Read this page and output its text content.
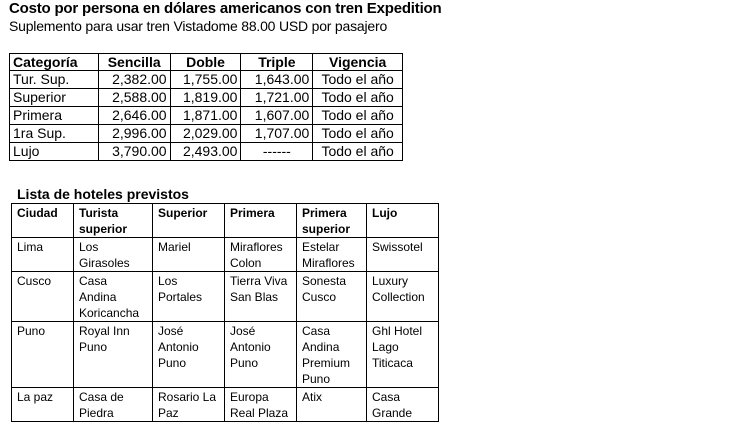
Costo por persona en dólares americanos con tren Expedition
Suplemento para usar tren Vistadome 88.00 USD por pasajero
Categoría	Sencilla	Doble	Triple	Vigencia
Tur. Sup.	2,382.00	1,755.00	1,643.00	Todo el año
Superior	2,588.00	1,819.00	1,721.00	Todo el año
Primera	2,646.00	1,871.00	1,607.00	Todo el año
1ra Sup.	2,996.00	2,029.00	1,707.00	Todo el año
Lujo	3,790.00	2,493.00	------	Todo el año
Lista de hoteles previstos
Ciudad	Turista superior	Superior	Primera	Primera superior	Lujo
Lima	Los Girasoles	Mariel	Miraflores Colon	Estelar Miraflores	Swissotel
Cusco	Casa Andina Koricancha	Los Portales	Tierra Viva San Blas	Sonesta Cusco	Luxury Collection
Puno	Royal Inn Puno	José Antonio Puno	José Antonio Puno	Casa Andina Premium Puno	Ghl Hotel Lago Titicaca
La paz	Casa de Piedra	Rosario La Paz	Europa Real Plaza	Atix	Casa Grande
